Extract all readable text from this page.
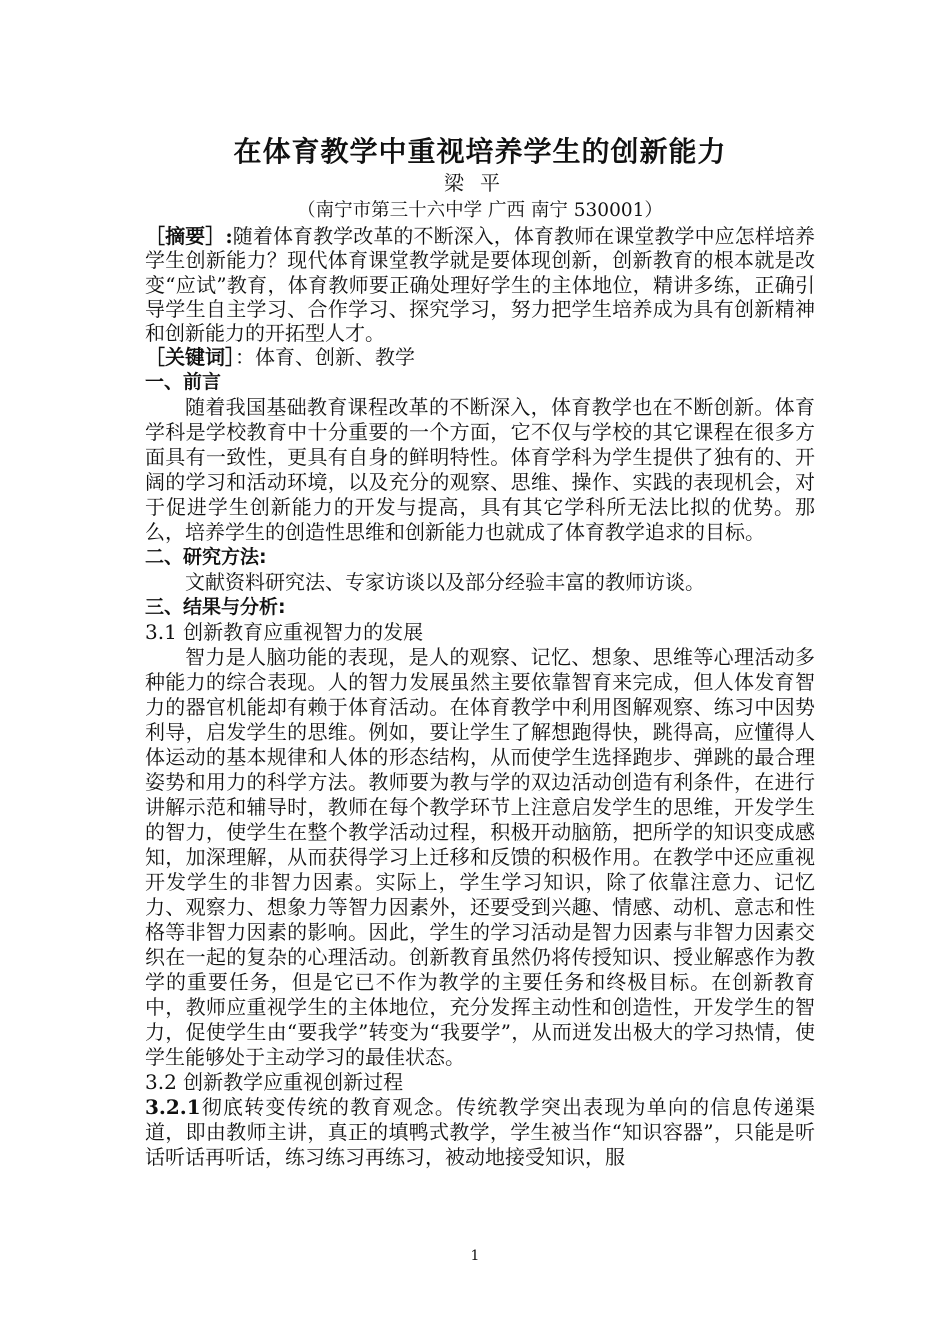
在体育教学中重视培养学生的创新能力
梁平
（南宁市第三十六中学 广西 南宁 530001）

［摘要］:随着体育教学改革的不断深入，体育教师在课堂教学中应怎样培养学生创新能力？现代体育课堂教学就是要体现创新，创新教育的根本就是改变“应试”教育，体育教师要正确处理好学生的主体地位，精讲多练，正确引导学生自主学习、合作学习、探究学习，努力把学生培养成为具有创新精神和创新能力的开拓型人才。

［关键词］：体育、创新、教学
一、前言

随着我国基础教育课程改革的不断深入，体育教学也在不断创新。体育学科是学校教育中十分重要的一个方面，它不仅与学校的其它课程在很多方面具有一致性，更具有自身的鲜明特性。体育学科为学生提供了独有的、开阔的学习和活动环境，以及充分的观察、思维、操作、实践的表现机会，对于促进学生创新能力的开发与提高，具有其它学科所无法比拟的优势。那么，培养学生的创造性思维和创新能力也就成了体育教学追求的目标。

二、研究方法:

文献资料研究法、专家访谈以及部分经验丰富的教师访谈。

三、结果与分析:
3.1 创新教育应重视智力的发展

智力是人脑功能的表现，是人的观察、记忆、想象、思维等心理活动多种能力的综合表现。人的智力发展虽然主要依靠智育来完成，但人体发育智力的器官机能却有赖于体育活动。在体育教学中利用图解观察、练习中因势利导，启发学生的思维。例如，要让学生了解想跑得快，跳得高，应懂得人体运动的基本规律和人体的形态结构，从而使学生选择跑步、弹跳的最合理姿势和用力的科学方法。教师要为教与学的双边活动创造有利条件，在进行讲解示范和辅导时，教师在每个教学环节上注意启发学生的思维，开发学生的智力，使学生在整个教学活动过程，积极开动脑筋，把所学的知识变成感知，加深理解，从而获得学习上迁移和反馈的积极作用。在教学中还应重视开发学生的非智力因素。实际上，学生学习知识，除了依靠注意力、记忆力、观察力、想象力等智力因素外，还要受到兴趣、情感、动机、意志和性格等非智力因素的影响。因此，学生的学习活动是智力因素与非智力因素交织在一起的复杂的心理活动。创新教育虽然仍将传授知识、授业解惑作为教学的重要任务，但是它已不作为教学的主要任务和终极目标。在创新教育中，教师应重视学生的主体地位，充分发挥主动性和创造性，开发学生的智力，促使学生由“要我学”转变为“我要学”，从而迸发出极大的学习热情，使学生能够处于主动学习的最佳状态。

3.2 创新教学应重视创新过程

3.2.1彻底转变传统的教育观念。传统教学突出表现为单向的信息传递渠道，即由教师主讲，真正的填鸭式教学，学生被当作“知识容器”，只能是听话听话再听话，练习练习再练习，被动地接受知识，服

1
